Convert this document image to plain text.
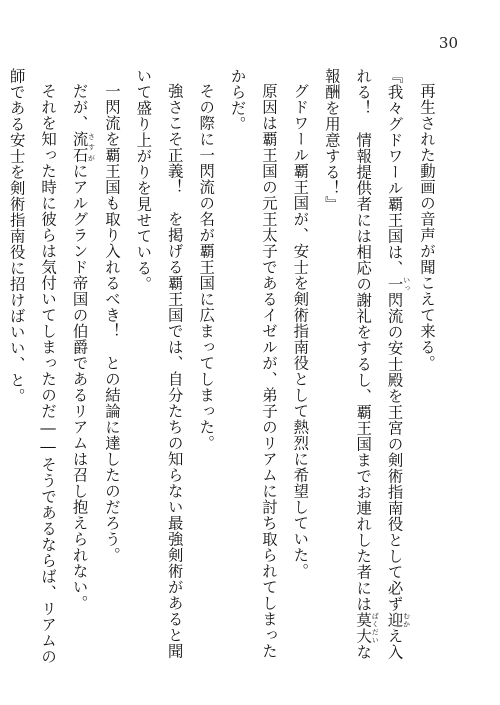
30

再生された動画の音声が聞こえて来る。

『我々グドワール覇王国は、一 いっ閃流の安士殿を王宮の剣術指南役として必ず迎 むかえ入れる！　情報提供者には相応の謝礼をするし、覇王国までお連れした者には莫大 ばくだいな報酬を用意する！』

グドワール覇王国が、安士を剣術指南役として熱烈に希望していた。

原因は覇王国の元王太子であるイゼルが、弟子のリアムに討ち取られてしまったからだ。

その際に一閃流の名が覇王国に広まってしまった。

強さこそ正義！　を掲げる覇王国では、自分たちの知らない最強剣術があると聞いて盛り上がりを見せている。

一閃流を覇王国も取り入れるべき！　との結論に達したのだろう。

だが、流石 さすがにアルグランド帝国の伯爵であるリアムは召し抱えられない。

それを知った時に彼らは気付いてしまったのだ――そうであるならば、リアムの師である安士を剣術指南役に招けばいい、と。
